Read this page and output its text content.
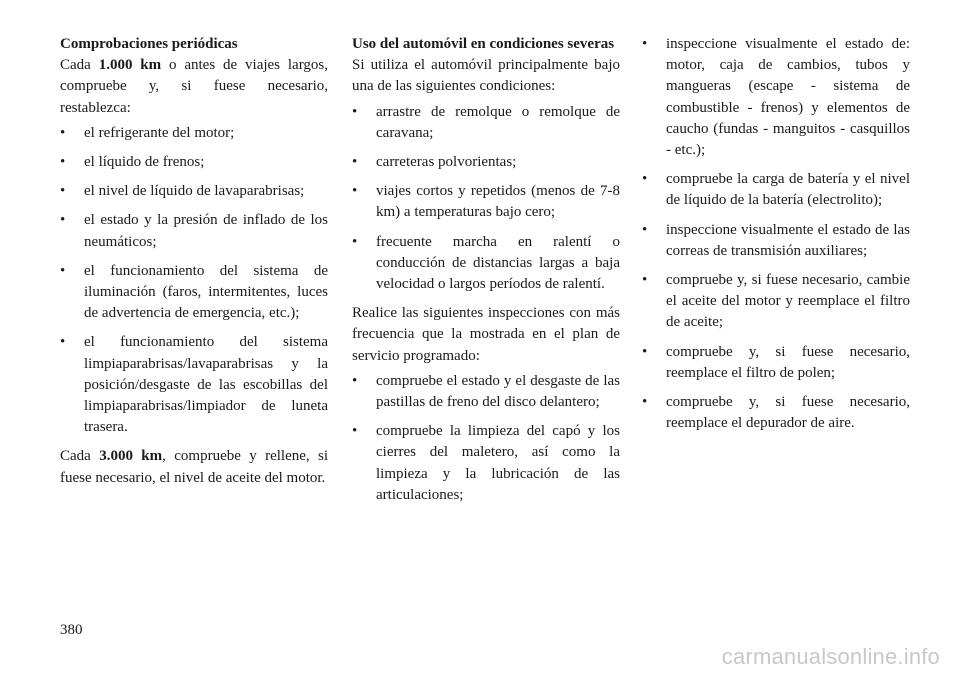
Comprobaciones periódicas

Cada 1.000 km o antes de viajes largos, compruebe y, si fuese necesario, restablezca:

• el refrigerante del motor;
• el líquido de frenos;
• el nivel de líquido de lavaparabrisas;
• el estado y la presión de inflado de los neumáticos;
• el funcionamiento del sistema de iluminación (faros, intermitentes, luces de advertencia de emergencia, etc.);
• el funcionamiento del sistema limpiaparabrisas/lavaparabrisas y la posición/desgaste de las escobillas del limpiaparabrisas/limpiador de luneta trasera.

Cada 3.000 km, compruebe y rellene, si fuese necesario, el nivel de aceite del motor.

Uso del automóvil en condiciones severas

Si utiliza el automóvil principalmente bajo una de las siguientes condiciones:

• arrastre de remolque o remolque de caravana;
• carreteras polvorientas;
• viajes cortos y repetidos (menos de 7-8 km) a temperaturas bajo cero;
• frecuente marcha en ralentí o conducción de distancias largas a baja velocidad o largos períodos de ralentí.

Realice las siguientes inspecciones con más frecuencia que la mostrada en el plan de servicio programado:

• compruebe el estado y el desgaste de las pastillas de freno del disco delantero;
• compruebe la limpieza del capó y los cierres del maletero, así como la limpieza y la lubricación de las articulaciones;
• inspeccione visualmente el estado de: motor, caja de cambios, tubos y mangueras (escape - sistema de combustible - frenos) y elementos de caucho (fundas - manguitos - casquillos - etc.);
• compruebe la carga de batería y el nivel de líquido de la batería (electrolito);
• inspeccione visualmente el estado de las correas de transmisión auxiliares;
• compruebe y, si fuese necesario, cambie el aceite del motor y reemplace el filtro de aceite;
• compruebe y, si fuese necesario, reemplace el filtro de polen;
• compruebe y, si fuese necesario, reemplace el depurador de aire.
380
carmanualsonline.info
